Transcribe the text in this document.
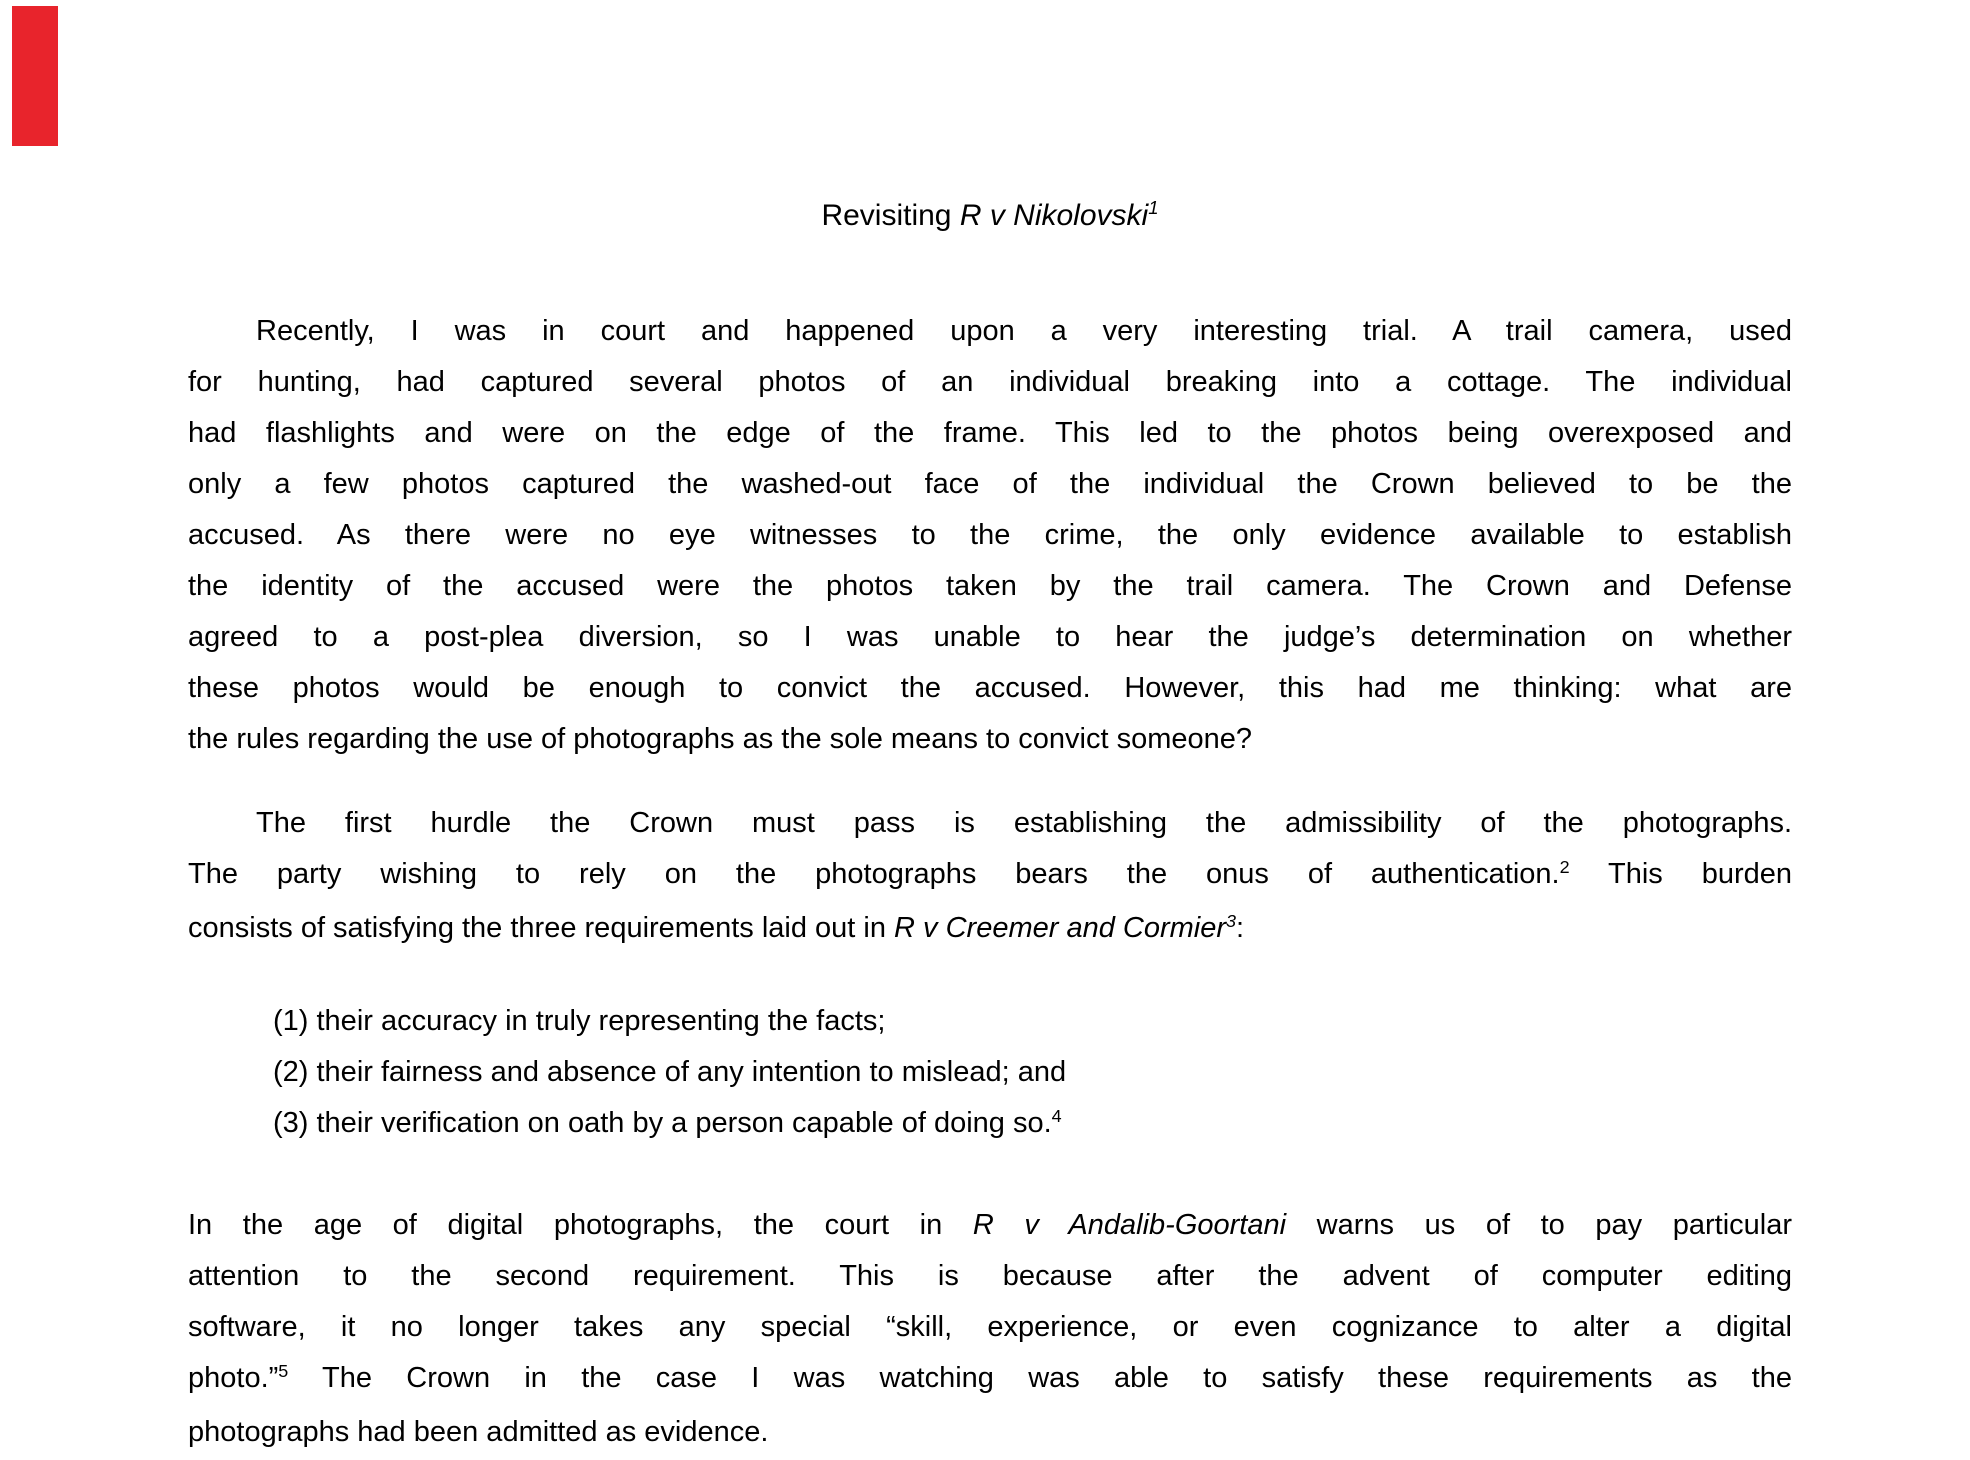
Revisiting R v Nikolovski$^1$
Recently, I was in court and happened upon a very interesting trial. A trail camera, used
for hunting, had captured several photos of an individual breaking into a cottage. The individual
had flashlights and were on the edge of the frame. This led to the photos being overexposed and
only a few photos captured the washed-out face of the individual the Crown believed to be the
accused. As there were no eye witnesses to the crime, the only evidence available to establish
the identity of the accused were the photos taken by the trail camera. The Crown and Defense
agreed to a post-plea diversion, so I was unable to hear the judge’s determination on whether
these photos would be enough to convict the accused. However, this had me thinking: what are
the rules regarding the use of photographs as the sole means to convict someone?
The first hurdle the Crown must pass is establishing the admissibility of the photographs.
The party wishing to rely on the photographs bears the onus of authentication.$^2$ This burden
consists of satisfying the three requirements laid out in R v Creemer and Cormier$^3$:
(1) their accuracy in truly representing the facts;
(2) their fairness and absence of any intention to mislead; and
(3) their verification on oath by a person capable of doing so.$^4$
In the age of digital photographs, the court in R v Andalib-Goortani warns us of to pay particular
attention to the second requirement. This is because after the advent of computer editing
software, it no longer takes any special “skill, experience, or even cognizance to alter a digital
photo.”$^5$ The Crown in the case I was watching was able to satisfy these requirements as the
photographs had been admitted as evidence.
